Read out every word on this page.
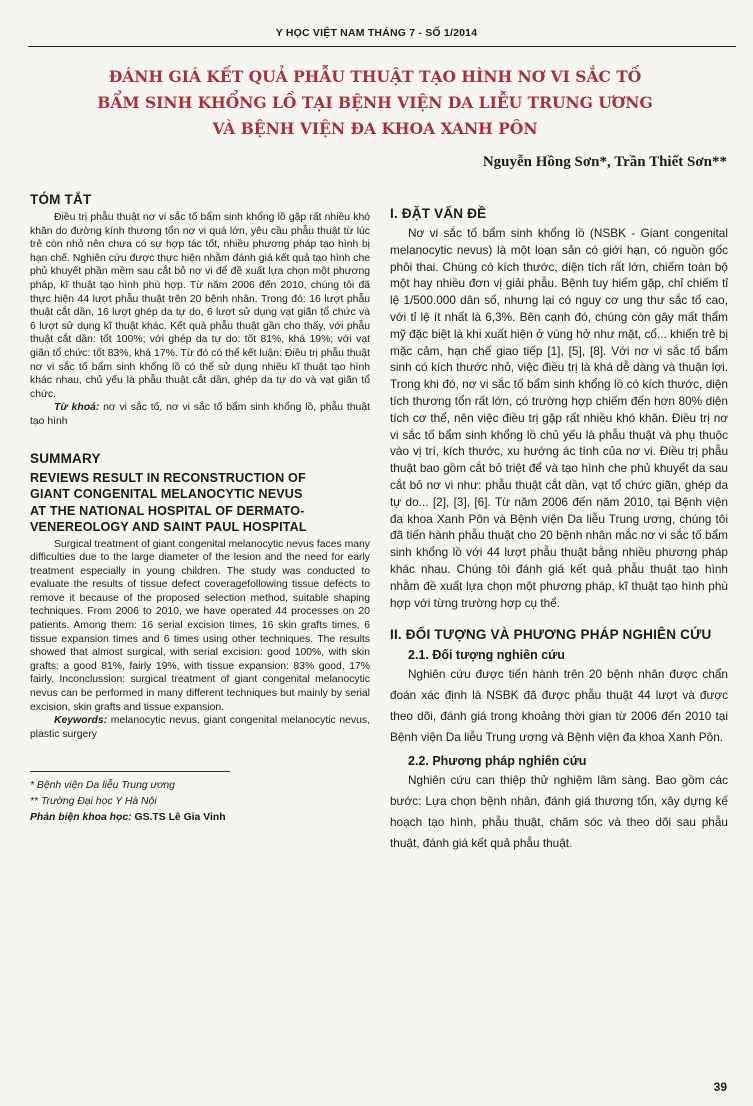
Y HỌC VIỆT NAM THÁNG 7 - SỐ 1/2014
ĐÁNH GIÁ KẾT QUẢ PHẪU THUẬT TẠO HÌNH NƠ VI SẮC TỐ
BẨM SINH KHỔNG LỒ TẠI BỆNH VIỆN DA LIỄU TRUNG ƯƠNG
VÀ BỆNH VIỆN ĐA KHOA XANH PÔN

Nguyễn Hồng Sơn*, Trần Thiết Sơn**

TÓM TẮT

Điều trị phẫu thuật nơ vi sắc tố bẩm sinh khổng lồ gặp rất nhiều khó khăn do đường kính thương tổn nơ vi quá lớn, yêu cầu phẫu thuật từ lúc trẻ còn nhỏ nên chưa có sự hợp tác tốt, nhiều phương pháp tạo hình bị hạn chế. Nghiên cứu được thực hiện nhằm đánh giá kết quả tạo hình che phủ khuyết phần mềm sau cắt bỏ nơ vi để đề xuất lựa chọn một phương pháp, kĩ thuật tạo hình phù hợp. Từ năm 2006 đến 2010, chúng tôi đã thực hiện 44 lượt phẫu thuật trên 20 bệnh nhân. Trong đó: 16 lượt phẫu thuật cắt dần, 16 lượt ghép da tự do, 6 lượt sử dụng vạt giãn tổ chức và 6 lượt sử dụng kĩ thuật khác. Kết quả phẫu thuật gần cho thấy, với phẫu thuật cắt dần: tốt 100%; với ghép da tự do: tốt 81%, khá 19%; với vạt giãn tổ chức: tốt 83%, khá 17%. Từ đó có thể kết luận: Điều trị phẫu thuật nơ vi sắc tố bẩm sinh khổng lồ có thể sử dụng nhiều kĩ thuật tạo hình khác nhau, chủ yếu là phẫu thuật cắt dần, ghép da tự do và vạt giãn tổ chức.

Từ khoá: nơ vi sắc tố, nơ vi sắc tố bẩm sinh khổng lồ, phẫu thuật tạo hình

SUMMARY
REVIEWS RESULT IN RECONSTRUCTION OF
GIANT CONGENITAL MELANOCYTIC NEVUS
AT THE NATIONAL HOSPITAL OF DERMATO-
VENEREOLOGY AND SAINT PAUL HOSPITAL

Surgical treatment of giant congenital melanocytic nevus faces many difficulties due to the large diameter of the lesion and the need for early treatment especially in young children. The study was conducted to evaluate the results of tissue defect coveragefollowing tissue defects to remove it because of the proposed selection method, suitable shaping techniques. From 2006 to 2010, we have operated 44 processes on 20 patients. Among them: 16 serial excision times, 16 skin grafts times, 6 tissue expansion times and 6 times using other techniques. The results showed that almost surgical, with serial excision: good 100%, with skin grafts: a good 81%, fairly 19%, with tissue expansion: 83% good, 17% fairly. Inconclussion: surgical treatment of giant congenital melanocytic nevus can be performed in many different techniques but mainly by serial excision, skin grafts and tissue expansion.

Keywords: melanocytic nevus, giant congenital melanocytic nevus, plastic surgery

* Bệnh viện Da liễu Trung ương

** Trường Đại học Y Hà Nội

Phản biện khoa học: GS.TS Lê Gia Vinh

I. ĐẶT VẤN ĐỀ

Nơ vi sắc tố bẩm sinh khổng lồ (NSBK - Giant congenital melanocytic nevus) là một loạn sản có giới hạn, có nguồn gốc phôi thai. Chúng có kích thước, diện tích rất lớn, chiếm toàn bộ một hay nhiều đơn vị giải phẫu. Bệnh tuy hiếm gặp, chỉ chiếm tỉ lệ 1/500.000 dân số, nhưng lại có nguy cơ ung thư sắc tố cao, với tỉ lệ ít nhất là 6,3%. Bên cạnh đó, chúng còn gây mất thẩm mỹ đặc biệt là khi xuất hiện ở vùng hở như mặt, cổ... khiến trẻ bị mặc cảm, hạn chế giao tiếp [1], [5], [8]. Với nơ vi sắc tố bẩm sinh có kích thước nhỏ, việc điều trị là khá dễ dàng và thuận lợi. Trong khi đó, nơ vi sắc tố bẩm sinh khổng lồ có kích thước, diện tích thương tổn rất lớn, có trường hợp chiếm đến hơn 80% diện tích cơ thể, nên việc điều trị gặp rất nhiều khó khăn. Điều trị nơ vi sắc tố bẩm sinh khổng lồ chủ yếu là phẫu thuật và phụ thuộc vào vị trí, kích thước, xu hướng ác tính của nơ vi. Điều trị phẫu thuật bao gồm cắt bỏ triệt để và tạo hình che phủ khuyết da sau cắt bỏ nơ vi như: phẫu thuật cắt dần, vạt tổ chức giãn, ghép da tự do... [2], [3], [6]. Từ năm 2006 đến năm 2010, tại Bệnh viện đa khoa Xanh Pôn và Bệnh viện Da liễu Trung ương, chúng tôi đã tiến hành phẫu thuật cho 20 bệnh nhân mắc nơ vi sắc tố bẩm sinh khổng lồ với 44 lượt phẫu thuật bằng nhiều phương pháp khác nhau. Chúng tôi đánh giá kết quả phẫu thuật tạo hình nhằm đề xuất lựa chọn một phương pháp, kĩ thuật tạo hình phù hợp với từng trường hợp cụ thể.

II. ĐỐI TƯỢNG VÀ PHƯƠNG PHÁP NGHIÊN CỨU
2.1. Đối tượng nghiên cứu

Nghiên cứu được tiến hành trên 20 bệnh nhân được chẩn đoán xác định là NSBK đã được phẫu thuật 44 lượt và được theo dõi, đánh giá trong khoảng thời gian từ 2006 đến 2010 tại Bệnh viện Da liễu Trung ương và Bệnh viện đa khoa Xanh Pôn.

2.2. Phương pháp nghiên cứu

Nghiên cứu can thiệp thử nghiệm lâm sàng. Bao gồm các bước: Lựa chọn bệnh nhân, đánh giá thương tổn, xây dựng kế hoạch tạo hình, phẫu thuật, chăm sóc và theo dõi sau phẫu thuật, đánh giá kết quả phẫu thuật.

39
